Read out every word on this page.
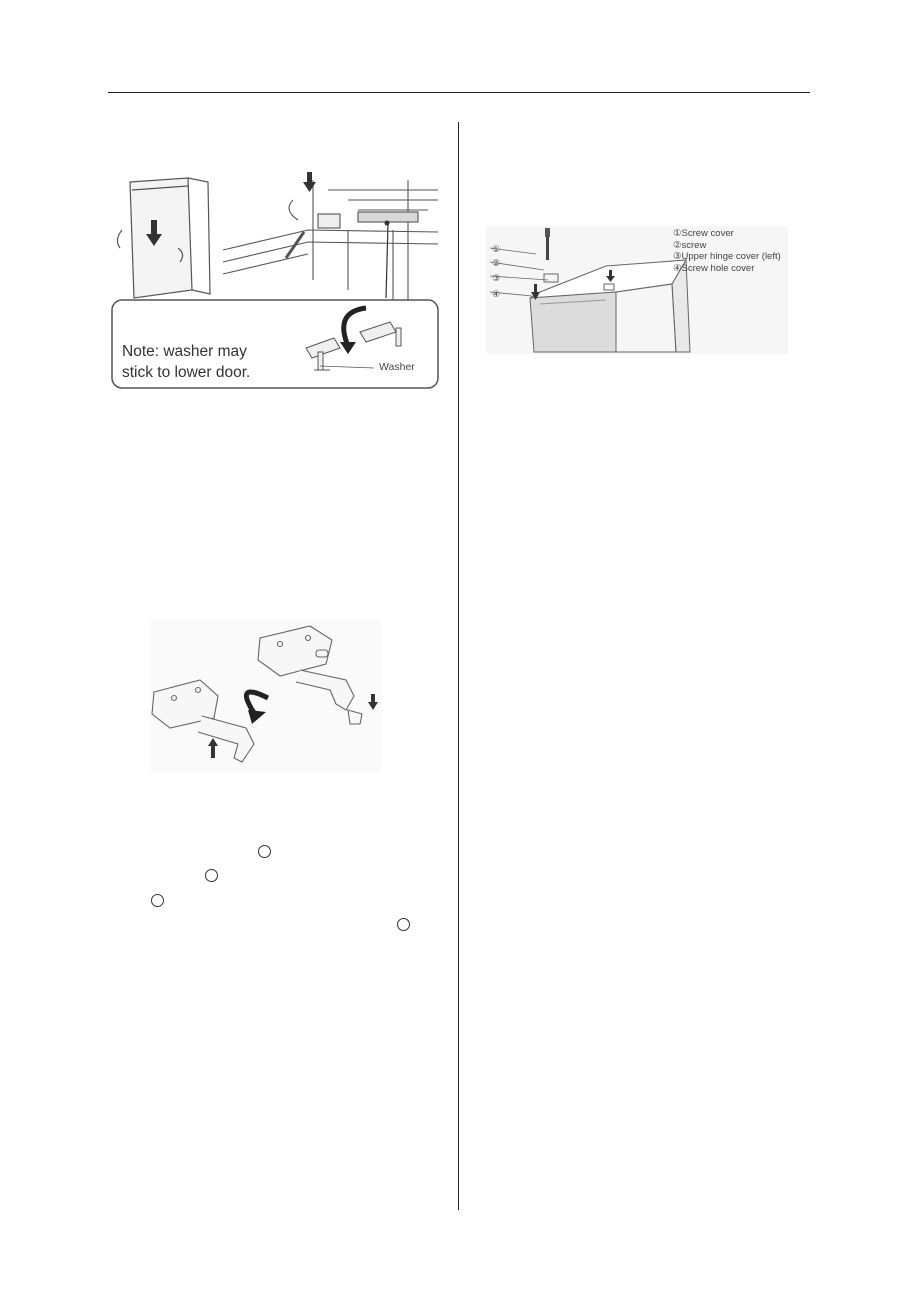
Note: washer may
stick to lower door.	Washer
①
②
③
④
①Screw cover
②screw
③Upper hinge cover (left)
④Screw hole cover
